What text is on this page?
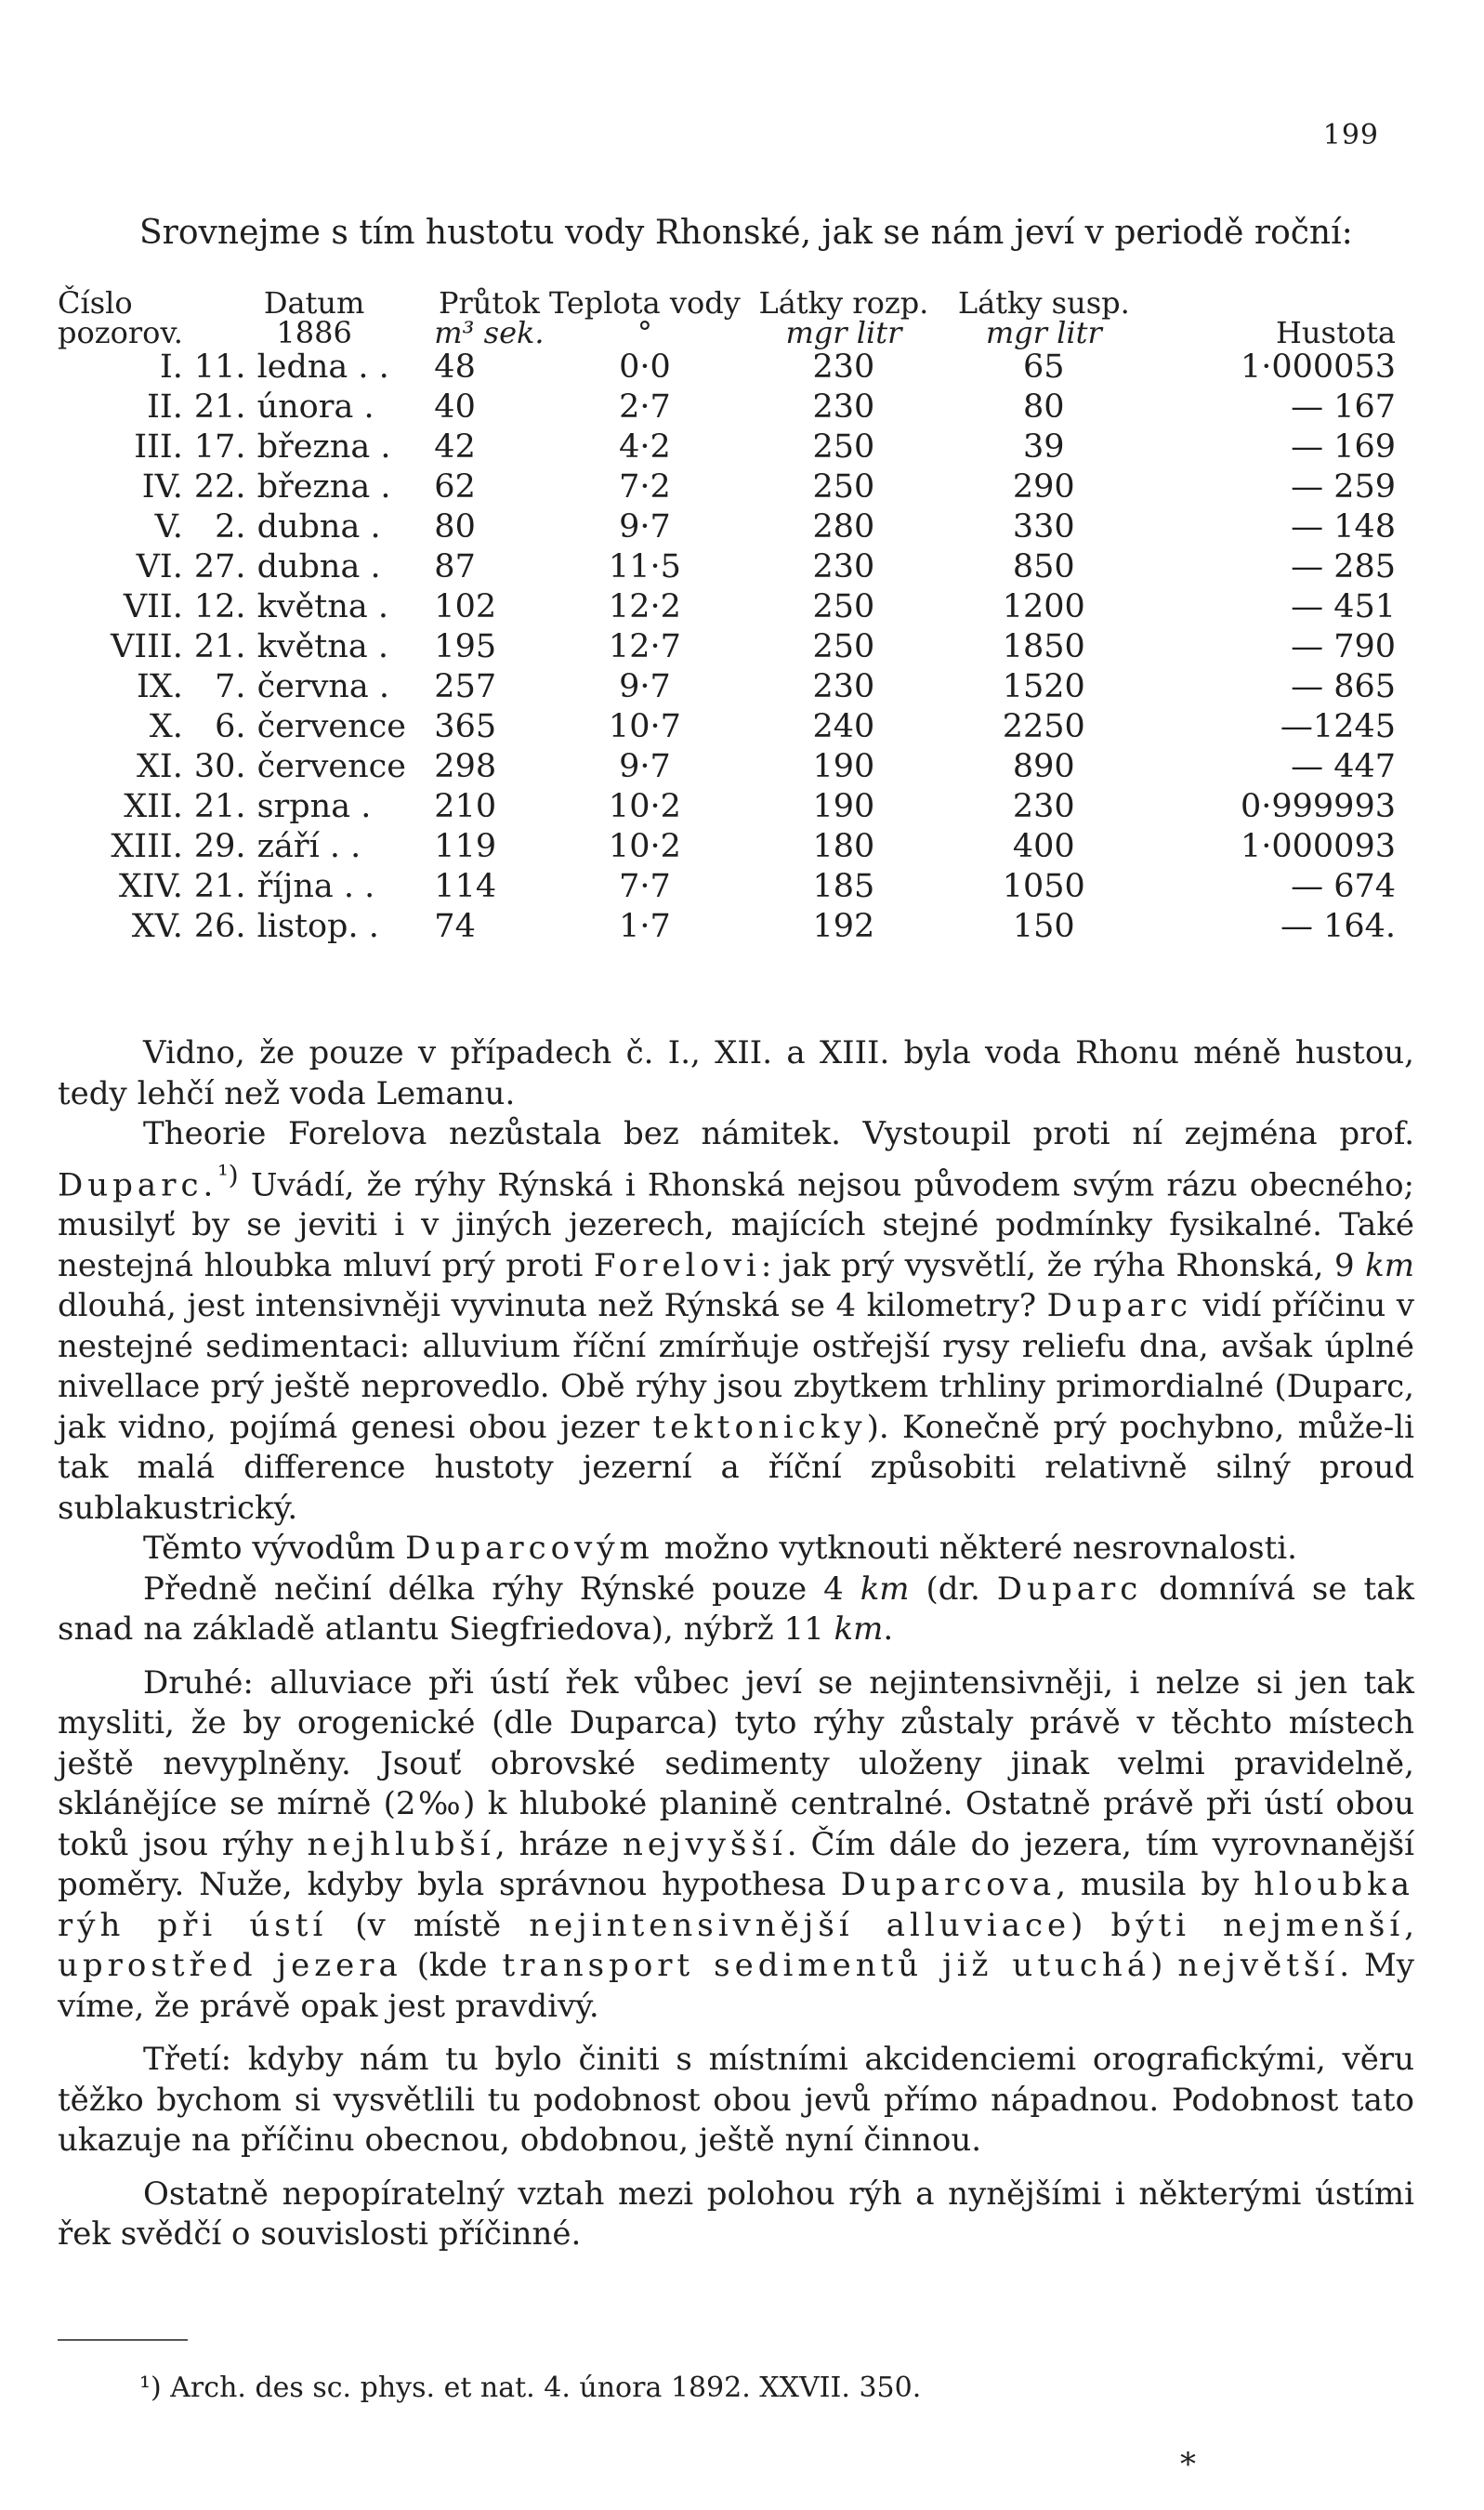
199
Srovnejme s tím hustotu vody Rhonské, jak se nám jeví v periodě roční:
Číslo	Datum		Průtok	Teplota vody	Látky rozp.	Látky susp.	
pozorov.	1886		m³ sek.	°	mgr litr	mgr litr	Hustota
I.	11.	ledna . .	48	0·0	230	65	1·000053
II.	21.	února .	40	2·7	230	80	— 167
III.	17.	března .	42	4·2	250	39	— 169
IV.	22.	března .	62	7·2	250	290	— 259
V.	2.	dubna .	80	9·7	280	330	— 148
VI.	27.	dubna .	87	11·5	230	850	— 285
VII.	12.	května .	102	12·2	250	1200	— 451
VIII.	21.	května .	195	12·7	250	1850	— 790
IX.	7.	června .	257	9·7	230	1520	— 865
X.	6.	července	365	10·7	240	2250	—1245
XI.	30.	července	298	9·7	190	890	— 447
XII.	21.	srpna .	210	10·2	190	230	0·999993
XIII.	29.	září . .	119	10·2	180	400	1·000093
XIV.	21.	října . .	114	7·7	185	1050	— 674
XV.	26.	listop. .	74	1·7	192	150	— 164.

Vidno, že pouze v případech č. I., XII. a XIII. byla voda Rhonu méně hustou, tedy lehčí než voda Lemanu.

Theorie Forelova nezůstala bez námitek. Vystoupil proti ní zejména prof. Duparc.$^{^1)}$ Uvádí, že rýhy Rýnská i Rhonská nejsou původem svým rázu obecného; musilyť by se jeviti i v jiných jezerech, majících stejné podmínky fysikalné. Také nestejná hloubka mluví prý proti Forelovi: jak prý vysvětlí, že rýha Rhonská, 9 km dlouhá, jest intensivněji vyvinuta než Rýnská se 4 kilometry? Duparc vidí příčinu v nestejné sedimentaci: alluvium říční zmírňuje ostřejší rysy reliefu dna, avšak úplné nivellace prý ještě neprovedlo. Obě rýhy jsou zbytkem trhliny primordialné (Duparc, jak vidno, pojímá genesi obou jezer tektonicky). Konečně prý pochybno, může-li tak malá difference hustoty jezerní a říční způsobiti relativně silný proud sublakustrický.

Těmto vývodům Duparcovým možno vytknouti některé nesrovnalosti.

Předně nečiní délka rýhy Rýnské pouze 4 km (dr. Duparc domnívá se tak snad na základě atlantu Siegfriedova), nýbrž 11 km.

Druhé: alluviace při ústí řek vůbec jeví se nejintensivněji, i nelze si jen tak mysliti, že by orogenické (dle Duparca) tyto rýhy zůstaly právě v těchto místech ještě nevyplněny. Jsouť obrovské sedimenty uloženy jinak velmi pravidelně, sklánějíce se mírně (2‰) k hluboké planině centralné. Ostatně právě při ústí obou toků jsou rýhy nejhlubší, hráze nejvyšší. Čím dále do jezera, tím vyrovnanější poměry. Nuže, kdyby byla správnou hypothesa Duparcova, musila by hloubka rýh při ústí (v místě nejintensivnější alluviace) býti nejmenší, uprostřed jezera (kde transport sedimentů již utuchá) největší. My víme, že právě opak jest pravdivý.

Třetí: kdyby nám tu bylo činiti s místními akcidenciemi orografickými, věru těžko bychom si vysvětlili tu podobnost obou jevů přímo nápadnou. Podobnost tato ukazuje na příčinu obecnou, obdobnou, ještě nyní činnou.

Ostatně nepopíratelný vztah mezi polohou rýh a nynějšími i některými ústími řek svědčí o souvislosti příčinné.

¹) Arch. des sc. phys. et nat. 4. února 1892. XXVII. 350.
*
